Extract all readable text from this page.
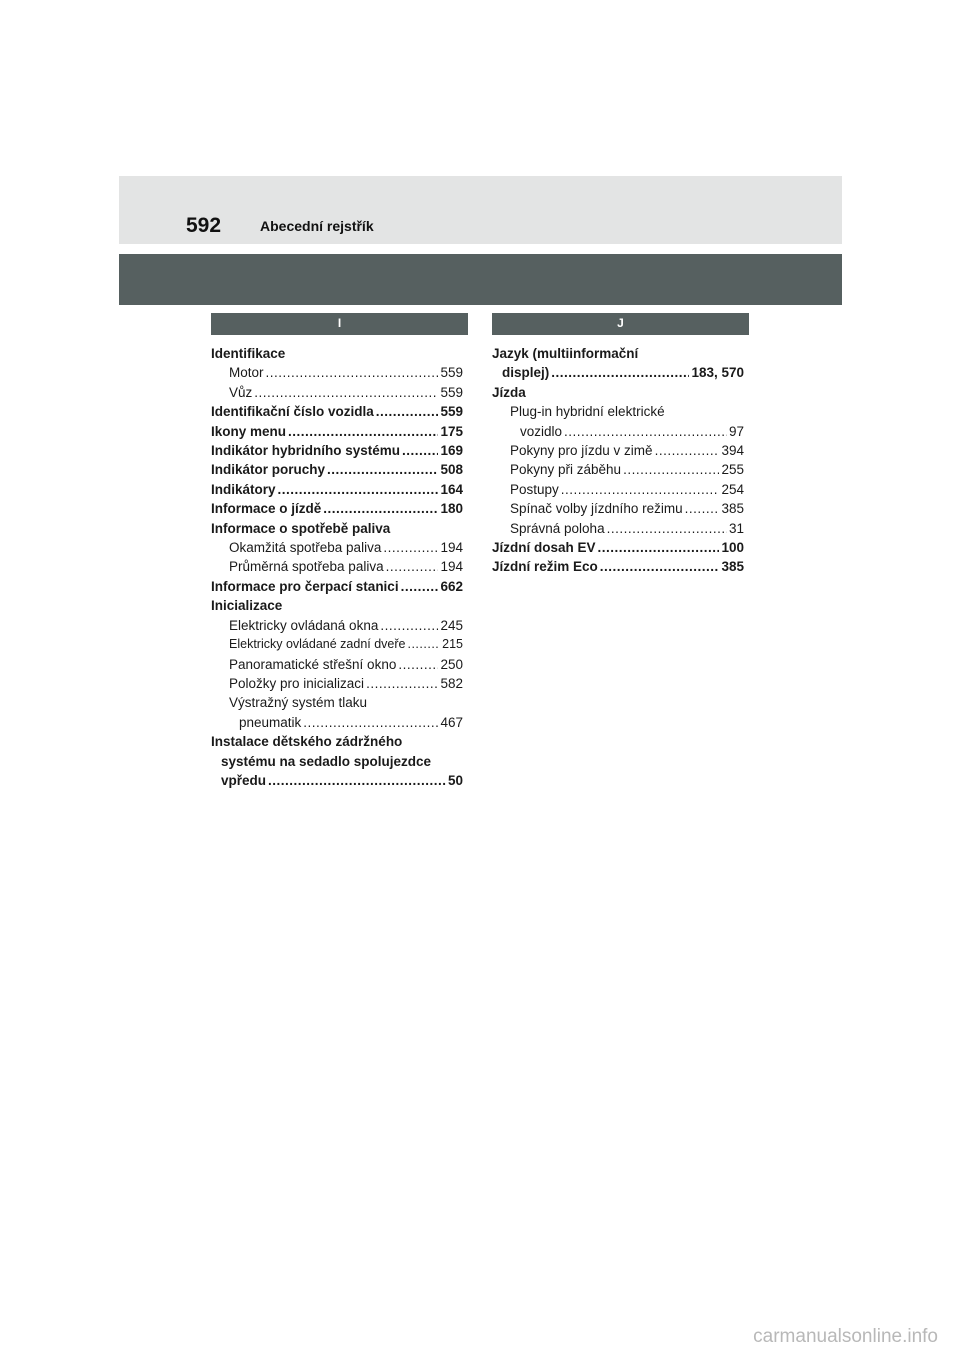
592	Abecední rejstřík
I	J
Identifikace
Motor .....	559
Vůz .....	559
Identifikační číslo vozidla .....	559
Ikony menu .....	175
Indikátor hybridního systému .....	169
Indikátor poruchy .....	508
Indikátory .....	164
Informace o jízdě .....	180
Informace o spotřebě paliva
Okamžitá spotřeba paliva .....	194
Průměrná spotřeba paliva .....	194
Informace pro čerpací stanici .....	662
Inicializace
Elektricky ovládaná okna .....	245
Elektricky ovládané zadní dveře .....	215
Panoramatické střešní okno .....	250
Položky pro inicializaci .....	582
Výstražný systém tlaku
pneumatik .....	467
Instalace dětského zádržného
systému na sedadlo spolujezdce
vpředu .....	50
Jazyk (multiinformační
displej) .....	183, 570
Jízda
Plug-in hybridní elektrické
vozidlo .....	97
Pokyny pro jízdu v zimě .....	394
Pokyny při záběhu .....	255
Postupy .....	254
Spínač volby jízdního režimu .....	385
Správná poloha .....	31
Jízdní dosah EV .....	100
Jízdní režim Eco .....	385
carmanualsonline.info
